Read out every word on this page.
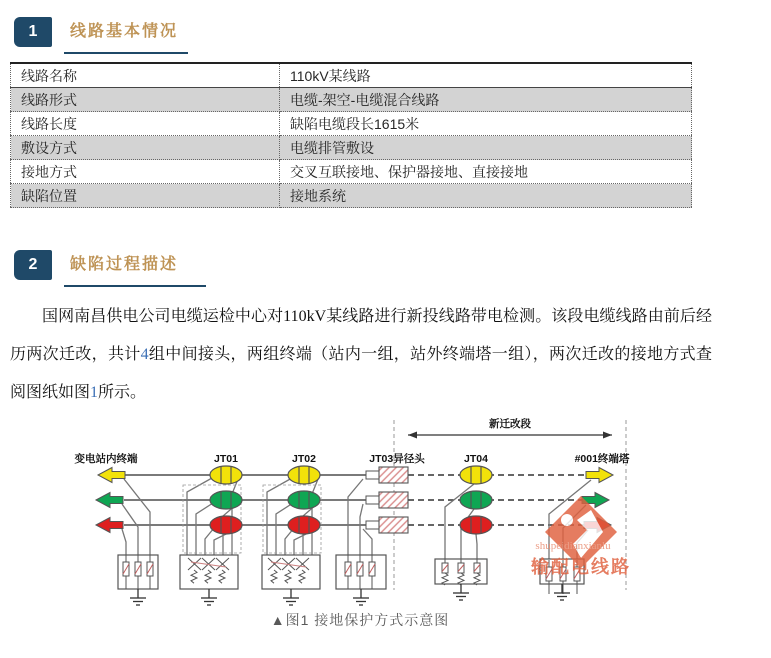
1	线路基本情况
线路名称	110kV某线路
线路形式	电缆-架空-电缆混合线路
线路长度	缺陷电缆段长1615米
敷设方式	电缆排管敷设
接地方式	交叉互联接地、保护器接地、直接接地
缺陷位置	接地系统
2	缺陷过程描述
国网南昌供电公司电缆运检中心对110kV某线路进行新投线路带电检测。该段电缆线路由前后经历两次迁改，共计4组中间接头，两组终端（站内一组，站外终端塔一组），两次迁改的接地方式查阅图纸如图1所示。
新迁改段
变电站内终端	JT01	JT02	JT03异径头	JT04	#001终端塔
shupeidianxianlu
输配电线路
▲图1 接地保护方式示意图
